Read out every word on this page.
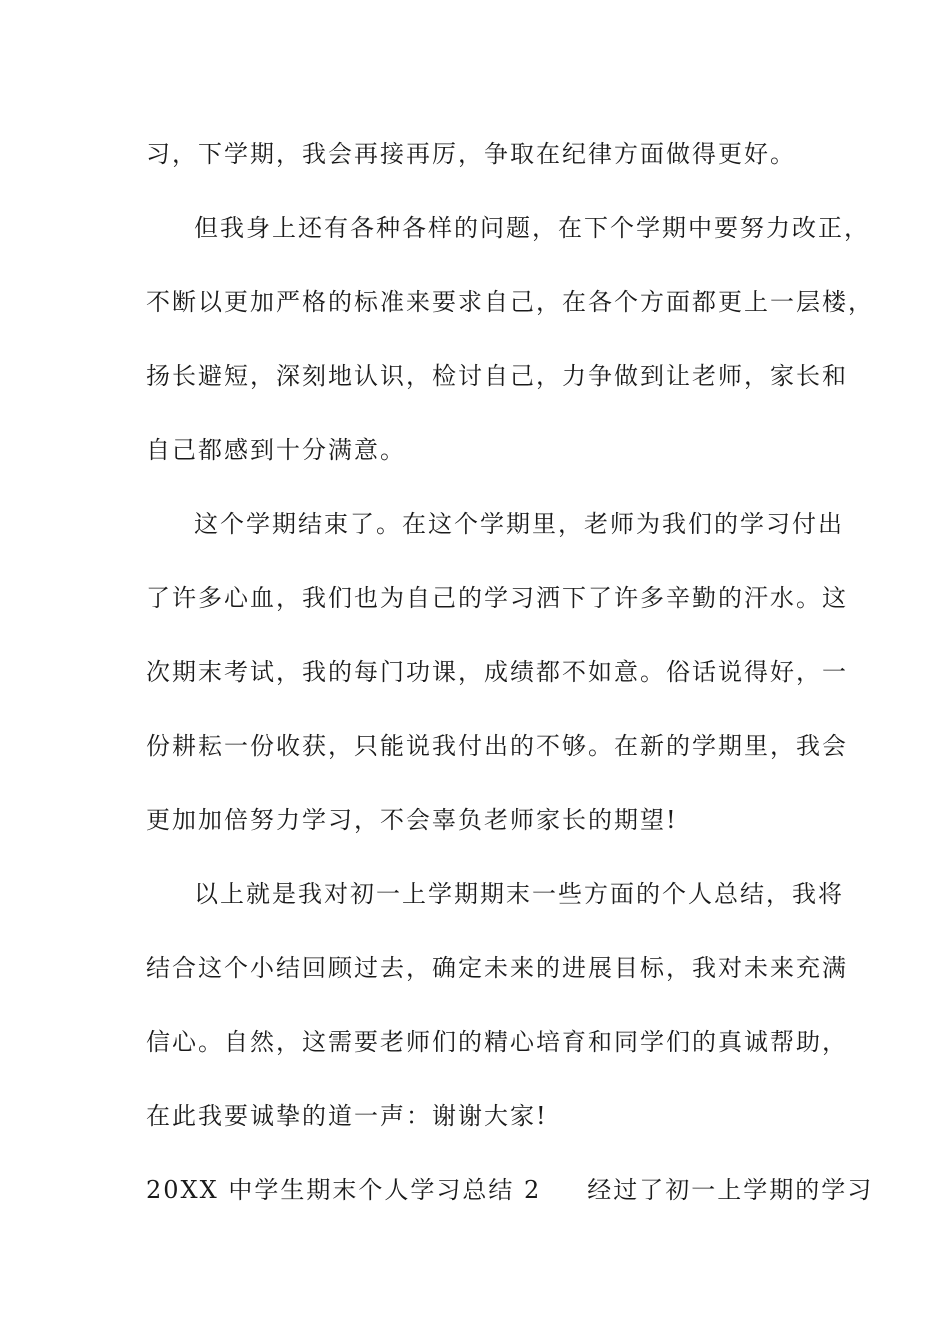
习，下学期，我会再接再厉，争取在纪律方面做得更好。
但我身上还有各种各样的问题，在下个学期中要努力改正，
不断以更加严格的标准来要求自己，在各个方面都更上一层楼，
扬长避短，深刻地认识，检讨自己，力争做到让老师，家长和
自己都感到十分满意。
这个学期结束了。在这个学期里，老师为我们的学习付出
了许多心血，我们也为自己的学习洒下了许多辛勤的汗水。这
次期末考试，我的每门功课，成绩都不如意。俗话说得好，一
份耕耘一份收获，只能说我付出的不够。在新的学期里，我会
更加加倍努力学习，不会辜负老师家长的期望!
以上就是我对初一上学期期末一些方面的个人总结，我将
结合这个小结回顾过去，确定未来的进展目标，我对未来充满
信心。自然，这需要老师们的精心培育和同学们的真诚帮助，
在此我要诚挚的道一声：谢谢大家!
20XX 中学生期末个人学习总结 2 经过了初一上学期的学习
